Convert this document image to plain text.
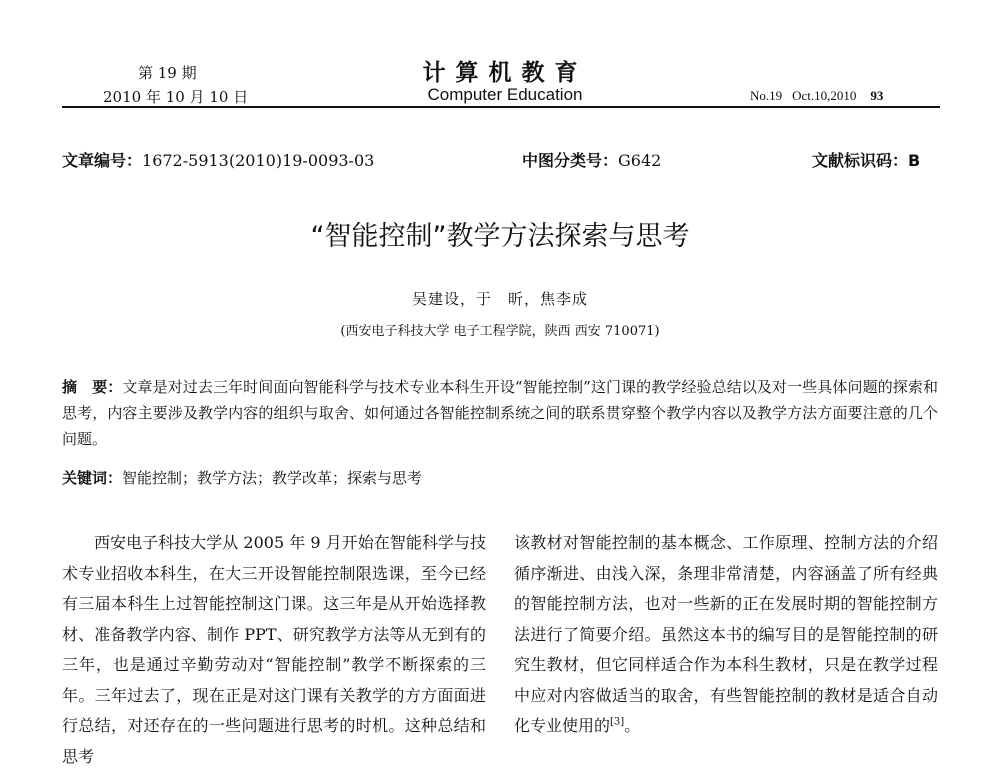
第 19 期
2010 年 10 月 10 日
计算机教育
Computer Education	No.19 Oct.10,2010 93
文章编号：1672-5913(2010)19-0093-03	中图分类号：G642	文献标识码：B
“智能控制”教学方法探索与思考
吴建设，于　昕，焦李成
(西安电子科技大学 电子工程学院，陕西 西安 710071)
摘　要：文章是对过去三年时间面向智能科学与技术专业本科生开设“智能控制”这门课的教学经验总结以及对一些具体问题的探索和思考，内容主要涉及教学内容的组织与取舍、如何通过各智能控制系统之间的联系贯穿整个教学内容以及教学方法方面要注意的几个问题。
关键词：智能控制；教学方法；教学改革；探索与思考
西安电子科技大学从 2005 年 9 月开始在智能科学与技术专业招收本科生，在大三开设智能控制限选课，至今已经有三届本科生上过智能控制这门课。这三年是从开始选择教材、准备教学内容、制作 PPT、研究教学方法等从无到有的三年，也是通过辛勤劳动对“智能控制”教学不断探索的三年。三年过去了，现在正是对这门课有关教学的方方面面进行总结，对还存在的一些问题进行思考的时机。这种总结和思考
该教材对智能控制的基本概念、工作原理、控制方法的介绍循序渐进、由浅入深，条理非常清楚，内容涵盖了所有经典的智能控制方法，也对一些新的正在发展时期的智能控制方法进行了简要介绍。虽然这本书的编写目的是智能控制的研究生教材，但它同样适合作为本科生教材，只是在教学过程中应对内容做适当的取舍，有些智能控制的教材是适合自动化专业使用的[3]。
